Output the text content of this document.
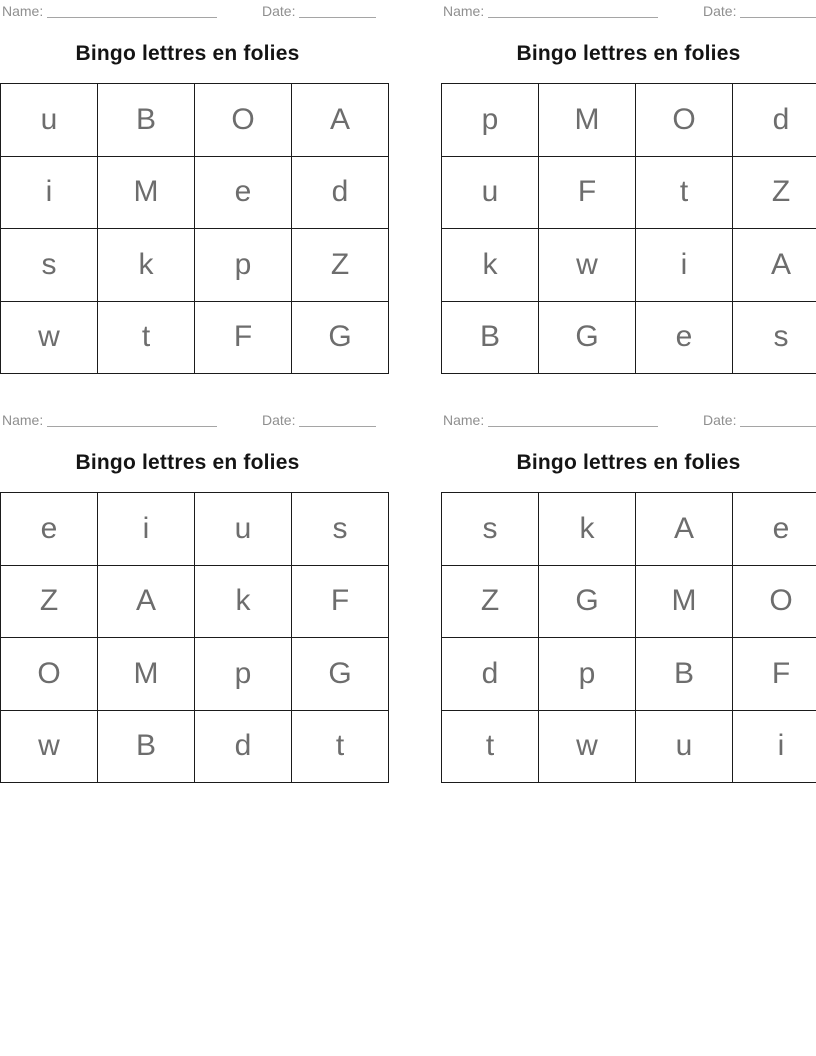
Name:	Date:
Bingo lettres en folies
u	B	O	A
i	M	e	d
s	k	p	Z
w	t	F	G
Name:	Date:
Bingo lettres en folies
p	M	O	d
u	F	t	Z
k	w	i	A
B	G	e	s
Name:	Date:
Bingo lettres en folies
e	i	u	s
Z	A	k	F
O	M	p	G
w	B	d	t
Name:	Date:
Bingo lettres en folies
s	k	A	e
Z	G	M	O
d	p	B	F
t	w	u	i
